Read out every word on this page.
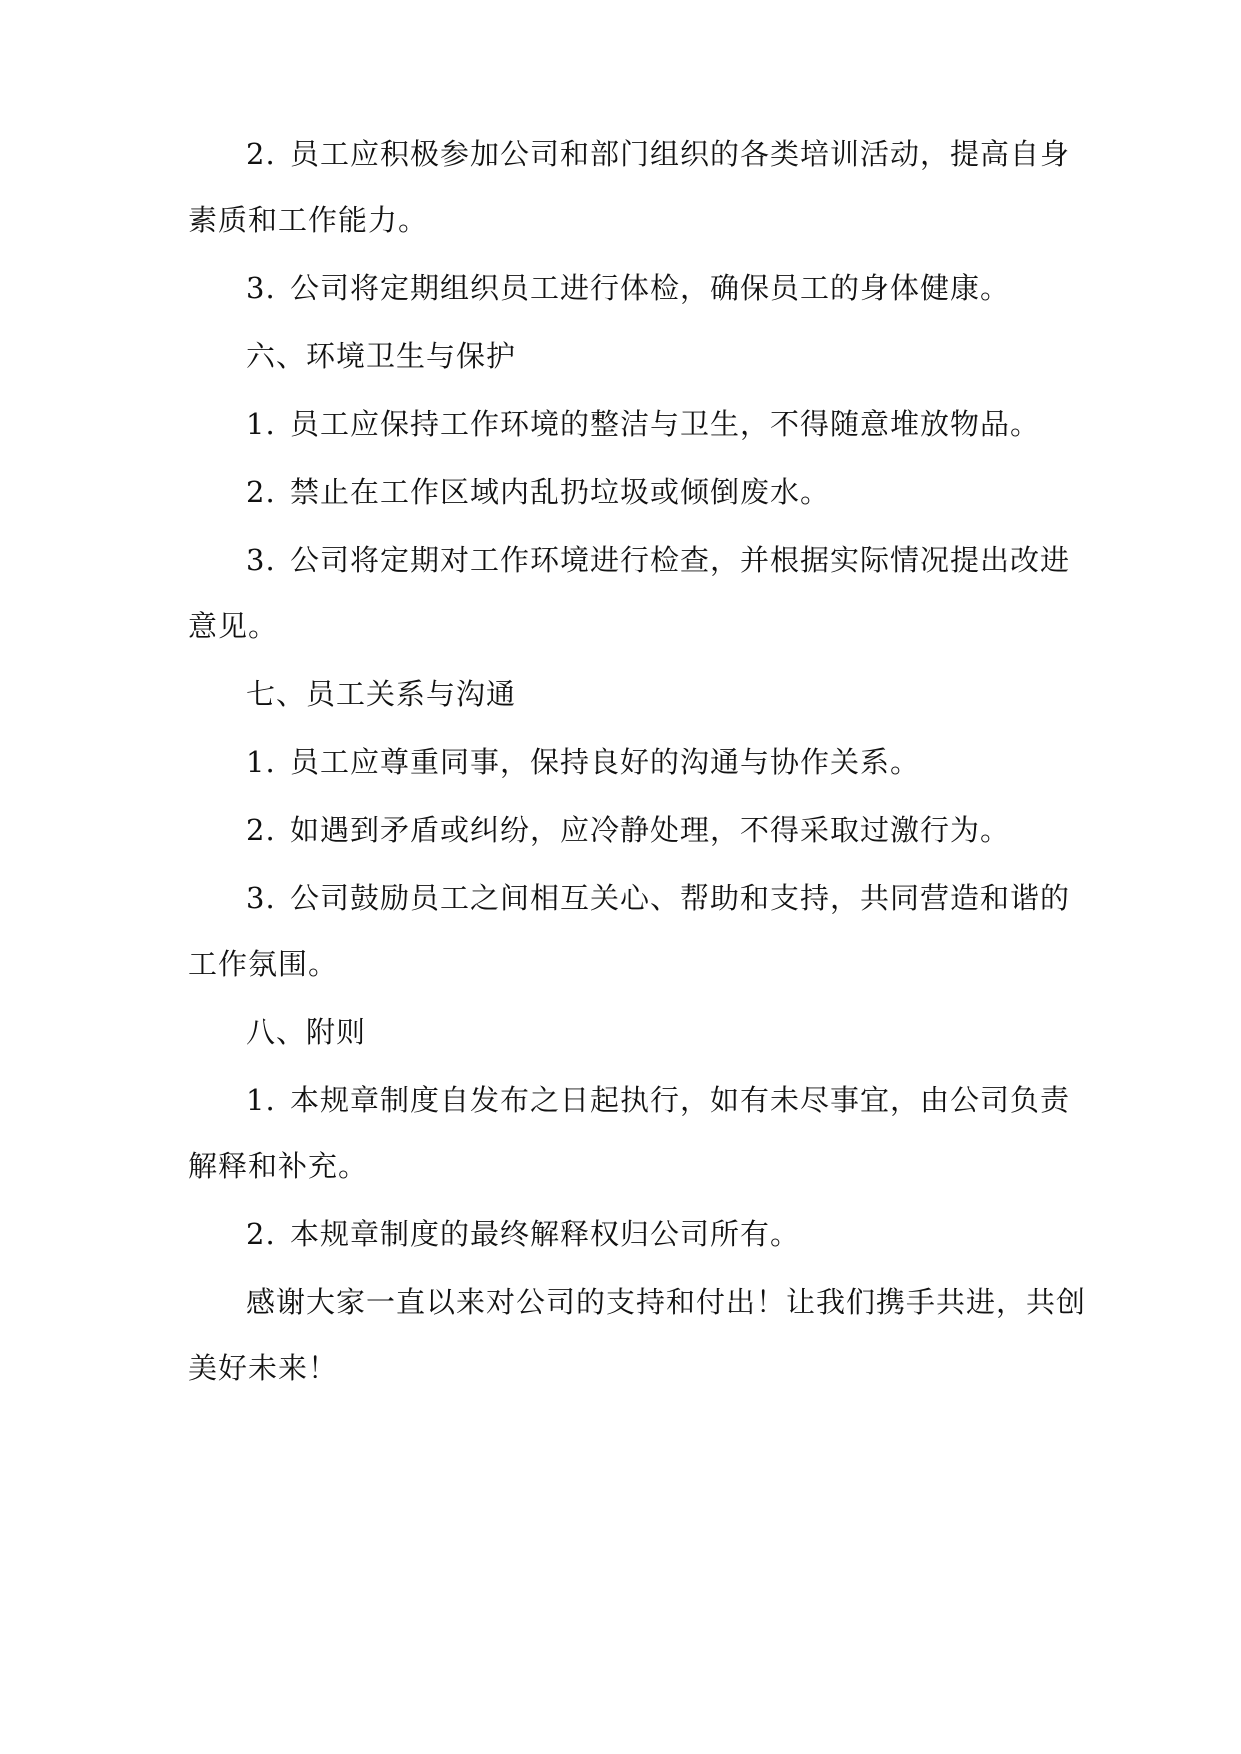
2. 员工应积极参加公司和部门组织的各类培训活动，提高自身
素质和工作能力。
3. 公司将定期组织员工进行体检，确保员工的身体健康。
六、环境卫生与保护
1. 员工应保持工作环境的整洁与卫生，不得随意堆放物品。
2. 禁止在工作区域内乱扔垃圾或倾倒废水。
3. 公司将定期对工作环境进行检查，并根据实际情况提出改进
意见。
七、员工关系与沟通
1. 员工应尊重同事，保持良好的沟通与协作关系。
2. 如遇到矛盾或纠纷，应冷静处理，不得采取过激行为。
3. 公司鼓励员工之间相互关心、帮助和支持，共同营造和谐的
工作氛围。
八、附则
1. 本规章制度自发布之日起执行，如有未尽事宜，由公司负责
解释和补充。
2. 本规章制度的最终解释权归公司所有。
感谢大家一直以来对公司的支持和付出！让我们携手共进，共创
美好未来！
